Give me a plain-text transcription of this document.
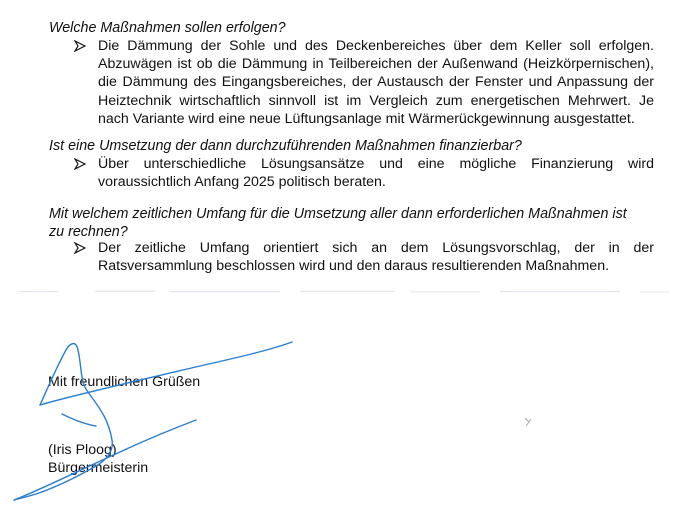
Welche Maßnahmen sollen erfolgen?

Die Dämmung der Sohle und des Deckenbereiches über dem Keller soll erfolgen.
Abzuwägen ist ob die Dämmung in Teilbereichen der Außenwand (Heizkörpernischen),
die Dämmung des Eingangsbereiches, der Austausch der Fenster und Anpassung der
Heiztechnik wirtschaftlich sinnvoll ist im Vergleich zum energetischen Mehrwert. Je
nach Variante wird eine neue Lüftungsanlage mit Wärmerückgewinnung ausgestattet.

Ist eine Umsetzung der dann durchzuführenden Maßnahmen finanzierbar?

Über unterschiedliche Lösungsansätze und eine mögliche Finanzierung wird
voraussichtlich Anfang 2025 politisch beraten.

Mit welchem zeitlichen Umfang für die Umsetzung aller dann erforderlichen Maßnahmen ist
zu rechnen?

Der zeitliche Umfang orientiert sich an dem Lösungsvorschlag, der in der
Ratsversammlung beschlossen wird und den daraus resultierenden Maßnahmen.

Mit freundlichen Grüßen

(Iris Ploog)

Bürgermeisterin
